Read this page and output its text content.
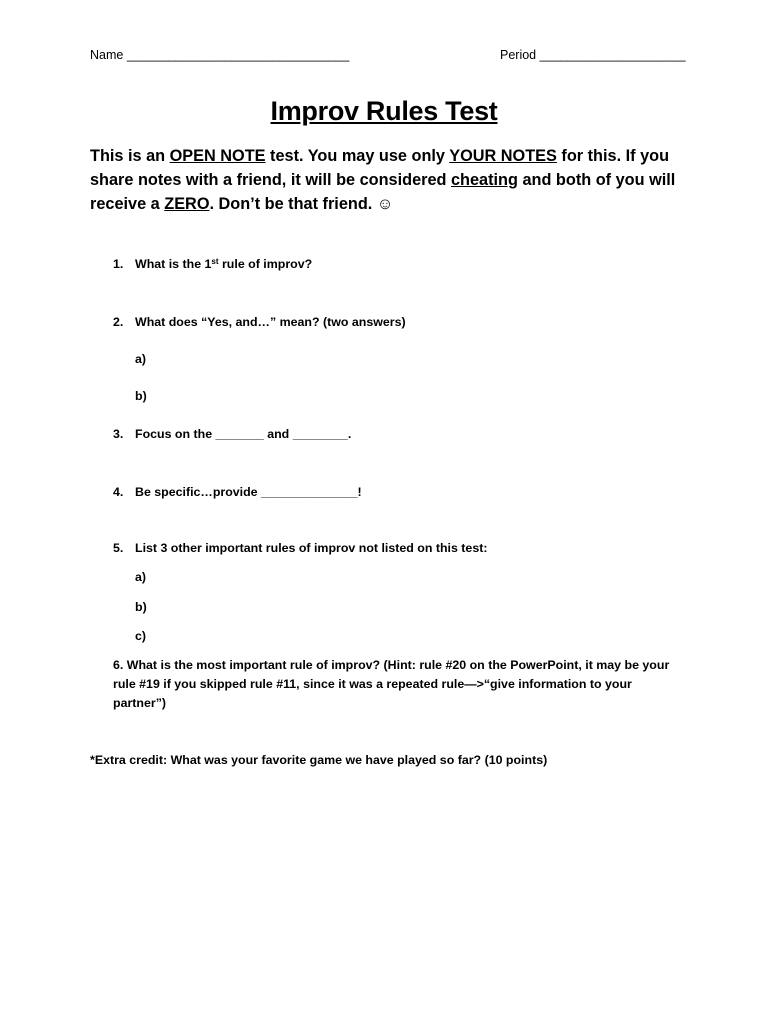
Name ________________________________	Period _____________________
Improv Rules Test
This is an OPEN NOTE test. You may use only YOUR NOTES for this. If you share notes with a friend, it will be considered cheating and both of you will receive a ZERO. Don’t be that friend. ☺
1. What is the 1st rule of improv?
2. What does “Yes, and…” mean? (two answers)
a)
b)
3. Focus on the _______ and ________.
4. Be specific…provide ______________!
5. List 3 other important rules of improv not listed on this test:
a)
b)
c)
6. What is the most important rule of improv? (Hint: rule #20 on the PowerPoint, it may be your rule #19 if you skipped rule #11, since it was a repeated rule—>“give information to your partner”)
*Extra credit: What was your favorite game we have played so far? (10 points)
